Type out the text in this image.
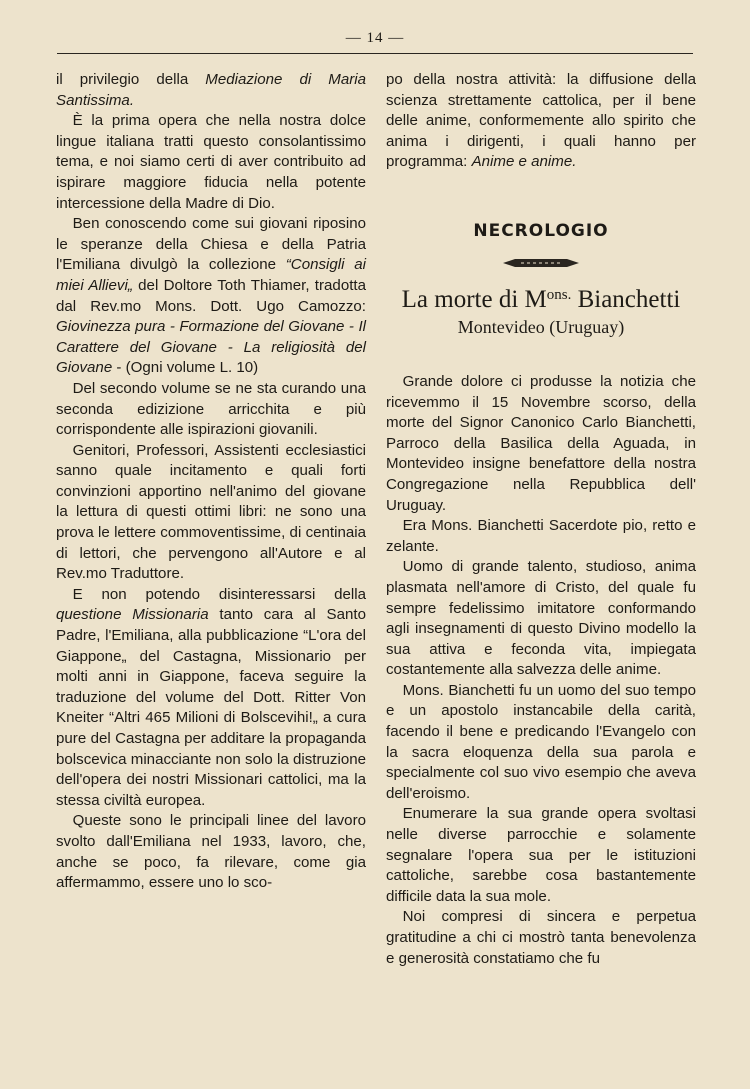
— 14 —

il privilegio della Mediazione di Maria Santissima.

È la prima opera che nella nostra dolce lingue italiana tratti questo consolantissimo tema, e noi siamo certi di aver contribuito ad ispirare maggiore fiducia nella potente intercessione della Madre di Dio.

Ben conoscendo come sui giovani riposino le speranze della Chiesa e della Patria l'Emiliana divulgò la collezione “Consigli ai miei Allievi„ del Doltore Toth Thiamer, tradotta dal Rev.mo Mons. Dott. Ugo Camozzo: Giovinezza pura - Formazione del Giovane - Il Carattere del Giovane - La religiosità del Giovane - (Ogni volume L. 10)

Del secondo volume se ne sta curando una seconda edizizione arricchita e più corrispondente alle ispirazioni giovanili.

Genitori, Professori, Assistenti ecclesiastici sanno quale incitamento e quali forti convinzioni apportino nell'animo del giovane la lettura di questi ottimi libri: ne sono una prova le lettere commoventissime, di centinaia di lettori, che pervengono all'Autore e al Rev.mo Traduttore.

E non potendo disinteressarsi della questione Missionaria tanto cara al Santo Padre, l'Emiliana, alla pubblicazione “L'ora del Giappone„ del Castagna, Missionario per molti anni in Giappone, faceva seguire la traduzione del volume del Dott. Ritter Von Kneiter “Altri 465 Milioni di Bolscevihi!„ a cura pure del Castagna per additare la propaganda bolscevica minacciante non solo la distruzione dell'opera dei nostri Missionari cattolici, ma la stessa civiltà europea.

Queste sono le principali linee del lavoro svolto dall'Emiliana nel 1933, lavoro, che, anche se poco, fa rilevare, come gia affermammo, essere uno lo sco-

po della nostra attività: la diffusione della scienza strettamente cattolica, per il bene delle anime, conformemente allo spirito che anima i dirigenti, i quali hanno per programma: Anime e anime.

NECROLOGIO

La morte di $M^{ons.}$ Bianchetti

Montevideo (Uruguay)

Grande dolore ci produsse la notizia che ricevemmo il 15 Novembre scorso, della morte del Signor Canonico Carlo Bianchetti, Parroco della Basilica della Aguada, in Montevideo insigne benefattore della nostra Congregazione nella Repubblica dell' Uruguay.

Era Mons. Bianchetti Sacerdote pio, retto e zelante.

Uomo di grande talento, studioso, anima plasmata nell'amore di Cristo, del quale fu sempre fedelissimo imitatore conformando agli insegnamenti di questo Divino modello la sua attiva e feconda vita, impiegata costantemente alla salvezza delle anime.

Mons. Bianchetti fu un uomo del suo tempo e un apostolo instancabile della carità, facendo il bene e predicando l'Evangelo con la sacra eloquenza della sua parola e specialmente col suo vivo esempio che aveva dell'eroismo.

Enumerare la sua grande opera svoltasi nelle diverse parrocchie e solamente segnalare l'opera sua per le istituzioni cattoliche, sarebbe cosa bastantemente difficile data la sua mole.

Noi compresi di sincera e perpetua gratitudine a chi ci mostrò tanta benevolenza e generosità constatiamo che fu
